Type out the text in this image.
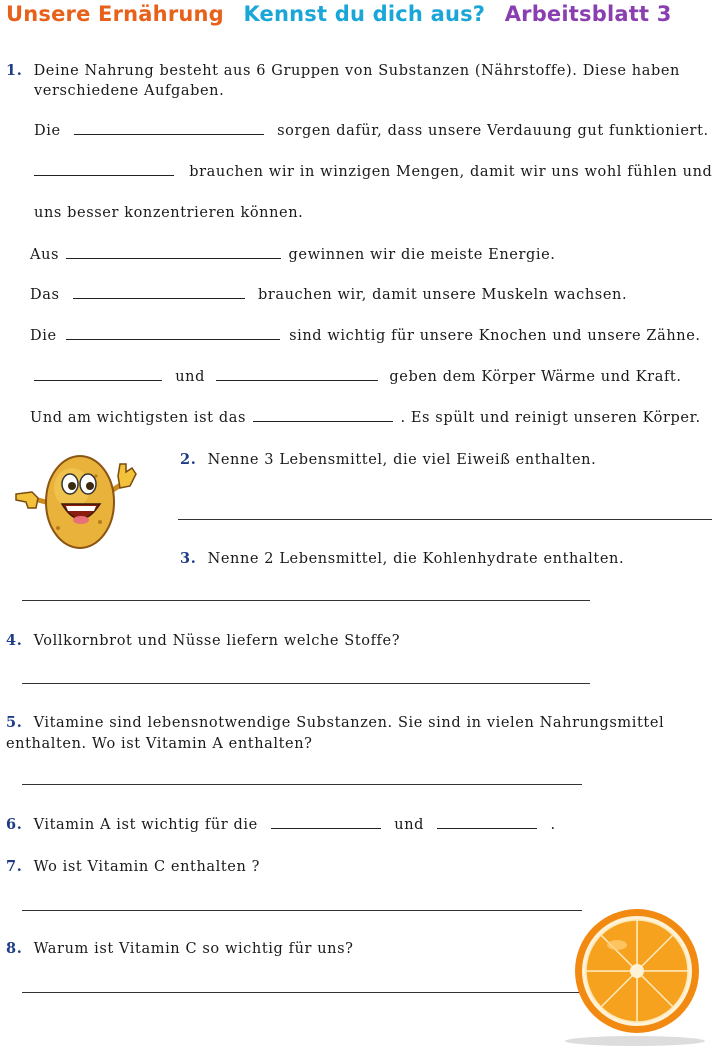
Unsere Ernährung Kennst du dich aus? Arbeitsblatt 3
1. Deine Nahrung besteht aus 6 Gruppen von Substanzen (Nährstoffe). Diese haben
verschiedene Aufgaben.
Die	sorgen dafür, dass unsere Verdauung gut funktioniert.
brauchen wir in winzigen Mengen, damit wir uns wohl fühlen und
uns besser konzentrieren können.
Aus	gewinnen wir die meiste Energie.
Das	brauchen wir, damit unsere Muskeln wachsen.
Die	sind wichtig für unsere Knochen und unsere Zähne.
und	geben dem Körper Wärme und Kraft.
Und am wichtigsten ist das	. Es spült und reinigt unseren Körper.
2. Nenne 3 Lebensmittel, die viel Eiweiß enthalten.
3. Nenne 2 Lebensmittel, die Kohlenhydrate enthalten.
4. Vollkornbrot und Nüsse liefern welche Stoffe?
5. Vitamine sind lebensnotwendige Substanzen. Sie sind in vielen Nahrungsmittel
enthalten. Wo ist Vitamin A enthalten?
6. Vitamin A ist wichtig für die	und	.
7. Wo ist Vitamin C enthalten ?
8. Warum ist Vitamin C so wichtig für uns?
